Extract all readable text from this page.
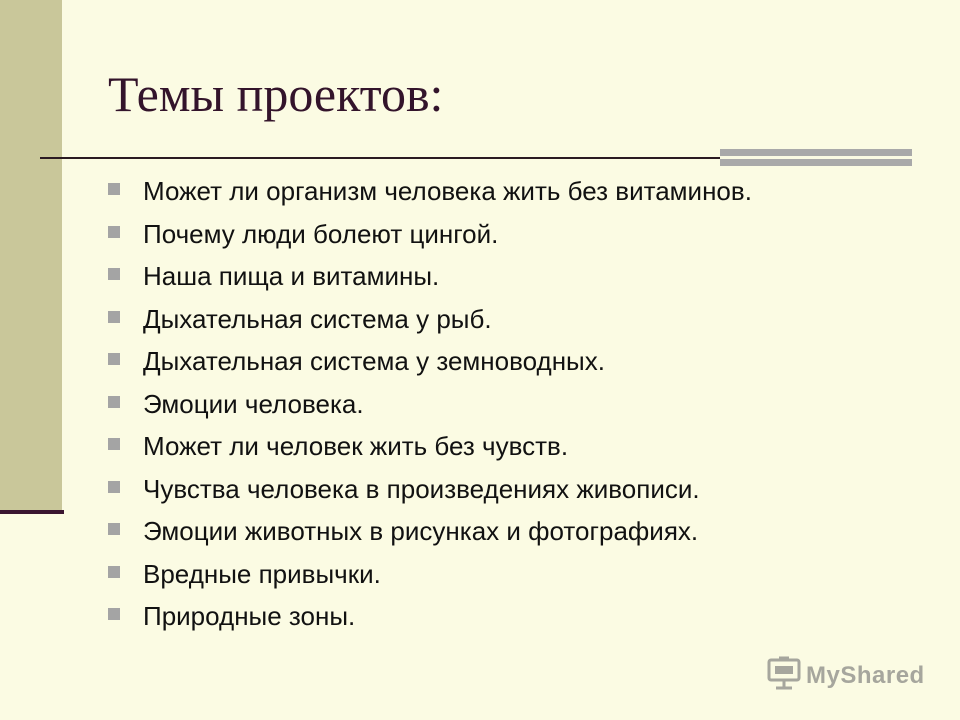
Темы проектов:
Может ли организм человека жить без витаминов.
Почему люди болеют цингой.
Наша пища и витамины.
Дыхательная система у рыб.
Дыхательная система у земноводных.
Эмоции человека.
Может ли человек жить без чувств.
Чувства человека в произведениях живописи.
Эмоции животных в рисунках и фотографиях.
Вредные привычки.
Природные зоны.
MyShared
